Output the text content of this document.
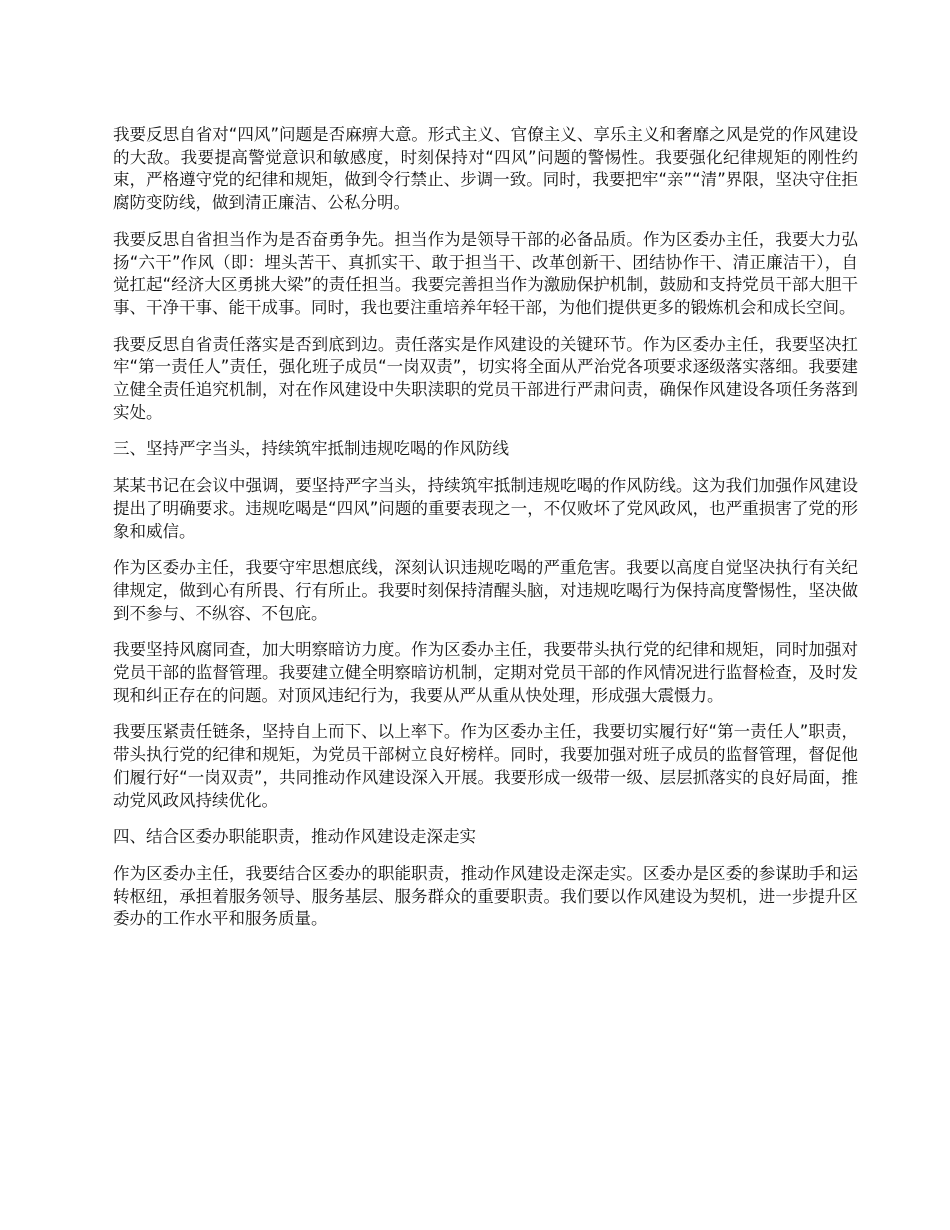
我要反思自省对“四风”问题是否麻痹大意。形式主义、官僚主义、享乐主义和奢靡之风是党的作风建设的大敌。我要提高警觉意识和敏感度，时刻保持对“四风”问题的警惕性。我要强化纪律规矩的刚性约束，严格遵守党的纪律和规矩，做到令行禁止、步调一致。同时，我要把牢“亲”“清”界限，坚决守住拒腐防变防线，做到清正廉洁、公私分明。

我要反思自省担当作为是否奋勇争先。担当作为是领导干部的必备品质。作为区委办主任，我要大力弘扬“六干”作风（即：埋头苦干、真抓实干、敢于担当干、改革创新干、团结协作干、清正廉洁干），自觉扛起“经济大区勇挑大梁”的责任担当。我要完善担当作为激励保护机制，鼓励和支持党员干部大胆干事、干净干事、能干成事。同时，我也要注重培养年轻干部，为他们提供更多的锻炼机会和成长空间。

我要反思自省责任落实是否到底到边。责任落实是作风建设的关键环节。作为区委办主任，我要坚决扛牢“第一责任人”责任，强化班子成员“一岗双责”，切实将全面从严治党各项要求逐级落实落细。我要建立健全责任追究机制，对在作风建设中失职渎职的党员干部进行严肃问责，确保作风建设各项任务落到实处。

三、坚持严字当头，持续筑牢抵制违规吃喝的作风防线

某某书记在会议中强调，要坚持严字当头，持续筑牢抵制违规吃喝的作风防线。这为我们加强作风建设提出了明确要求。违规吃喝是“四风”问题的重要表现之一，不仅败坏了党风政风，也严重损害了党的形象和威信。

作为区委办主任，我要守牢思想底线，深刻认识违规吃喝的严重危害。我要以高度自觉坚决执行有关纪律规定，做到心有所畏、行有所止。我要时刻保持清醒头脑，对违规吃喝行为保持高度警惕性，坚决做到不参与、不纵容、不包庇。

我要坚持风腐同查，加大明察暗访力度。作为区委办主任，我要带头执行党的纪律和规矩，同时加强对党员干部的监督管理。我要建立健全明察暗访机制，定期对党员干部的作风情况进行监督检查，及时发现和纠正存在的问题。对顶风违纪行为，我要从严从重从快处理，形成强大震慑力。

我要压紧责任链条，坚持自上而下、以上率下。作为区委办主任，我要切实履行好“第一责任人”职责，带头执行党的纪律和规矩，为党员干部树立良好榜样。同时，我要加强对班子成员的监督管理，督促他们履行好“一岗双责”，共同推动作风建设深入开展。我要形成一级带一级、层层抓落实的良好局面，推动党风政风持续优化。

四、结合区委办职能职责，推动作风建设走深走实

作为区委办主任，我要结合区委办的职能职责，推动作风建设走深走实。区委办是区委的参谋助手和运转枢纽，承担着服务领导、服务基层、服务群众的重要职责。我们要以作风建设为契机，进一步提升区委办的工作水平和服务质量。
